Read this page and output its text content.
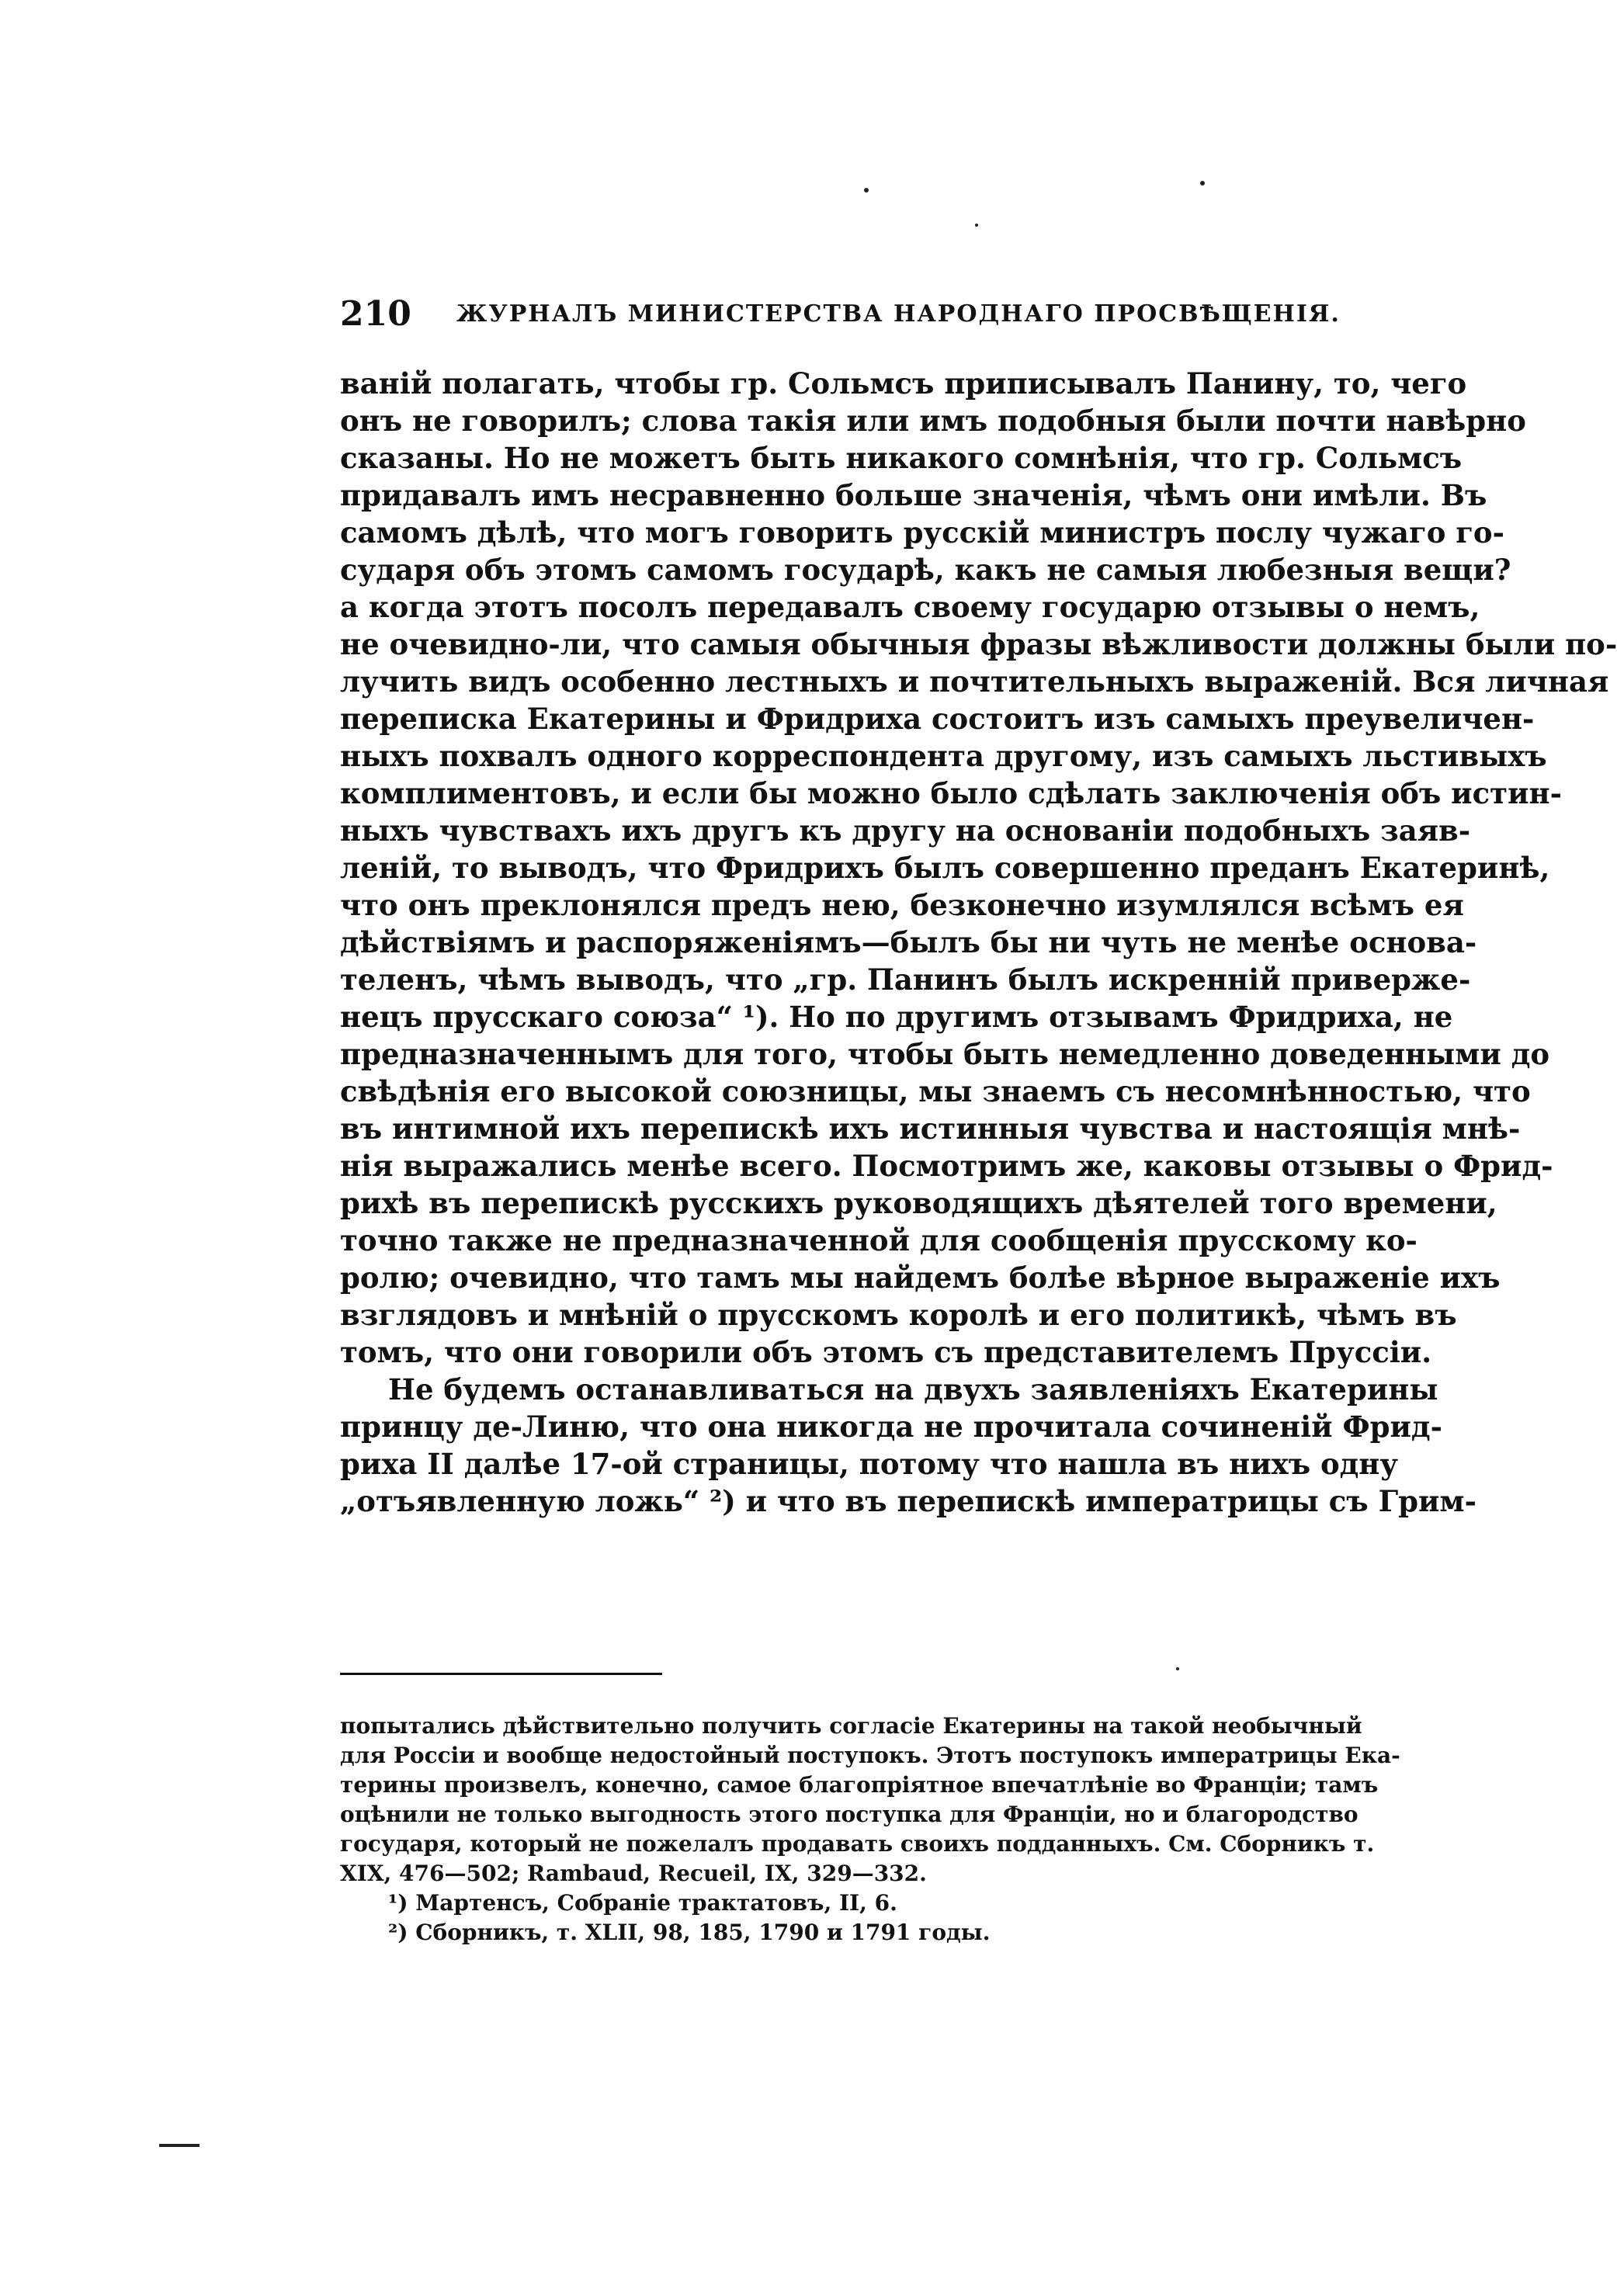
210 ЖУРНАЛЪ МИНИСТЕРСТВА НАРОДНАГО ПРОСВѢЩЕНІЯ.
ваній полагать, чтобы гр. Сольмсъ приписывалъ Панину, то, чего
онъ не говорилъ; слова такія или имъ подобныя были почти навѣрно
сказаны. Но не можетъ быть никакого сомнѣнія, что гр. Сольмсъ
придавалъ имъ несравненно больше значенія, чѣмъ они имѣли. Въ
самомъ дѣлѣ, что могъ говорить русскій министръ послу чужаго го-
сударя объ этомъ самомъ государѣ, какъ не самыя любезныя вещи?
а когда этотъ посолъ передавалъ своему государю отзывы о немъ,
не очевидно-ли, что самыя обычныя фразы вѣжливости должны были по-
лучить видъ особенно лестныхъ и почтительныхъ выраженій. Вся личная
переписка Екатерины и Фридриха состоитъ изъ самыхъ преувеличен-
ныхъ похвалъ одного корреспондента другому, изъ самыхъ льстивыхъ
комплиментовъ, и если бы можно было сдѣлать заключенія объ истин-
ныхъ чувствахъ ихъ другъ къ другу на основаніи подобныхъ заяв-
леній, то выводъ, что Фридрихъ былъ совершенно преданъ Екатеринѣ,
что онъ преклонялся предъ нею, безконечно изумлялся всѣмъ ея
дѣйствіямъ и распоряженіямъ—былъ бы ни чуть не менѣе основа-
теленъ, чѣмъ выводъ, что „гр. Панинъ былъ искренній приверже-
нецъ прусскаго союза“ ¹). Но по другимъ отзывамъ Фридриха, не
предназначеннымъ для того, чтобы быть немедленно доведенными до
свѣдѣнія его высокой союзницы, мы знаемъ съ несомнѣнностью, что
въ интимной ихъ перепискѣ ихъ истинныя чувства и настоящія мнѣ-
нія выражались менѣе всего. Посмотримъ же, каковы отзывы о Фрид-
рихѣ въ перепискѣ русскихъ руководящихъ дѣятелей того времени,
точно также не предназначенной для сообщенія прусскому ко-
ролю; очевидно, что тамъ мы найдемъ болѣе вѣрное выраженіе ихъ
взглядовъ и мнѣній о прусскомъ королѣ и его политикѣ, чѣмъ въ
томъ, что они говорили объ этомъ съ представителемъ Пруссіи.
Не будемъ останавливаться на двухъ заявленіяхъ Екатерины
принцу де-Линю, что она никогда не прочитала сочиненій Фрид-
риха II далѣе 17-ой страницы, потому что нашла въ нихъ одну
„отъявленную ложь“ ²) и что въ перепискѣ императрицы съ Грим-
попытались дѣйствительно получить согласіе Екатерины на такой необычный
для Россіи и вообще недостойный поступокъ. Этотъ поступокъ императрицы Ека-
терины произвелъ, конечно, самое благопріятное впечатлѣніе во Франціи; тамъ
оцѣнили не только выгодность этого поступка для Франціи, но и благородство
государя, который не пожелалъ продавать своихъ подданныхъ. См. Сборникъ т.
XIX, 476—502; Rambaud, Recueil, IX, 329—332.
¹) Мартенсъ, Собраніе трактатовъ, II, 6.
²) Сборникъ, т. XLII, 98, 185, 1790 и 1791 годы.
